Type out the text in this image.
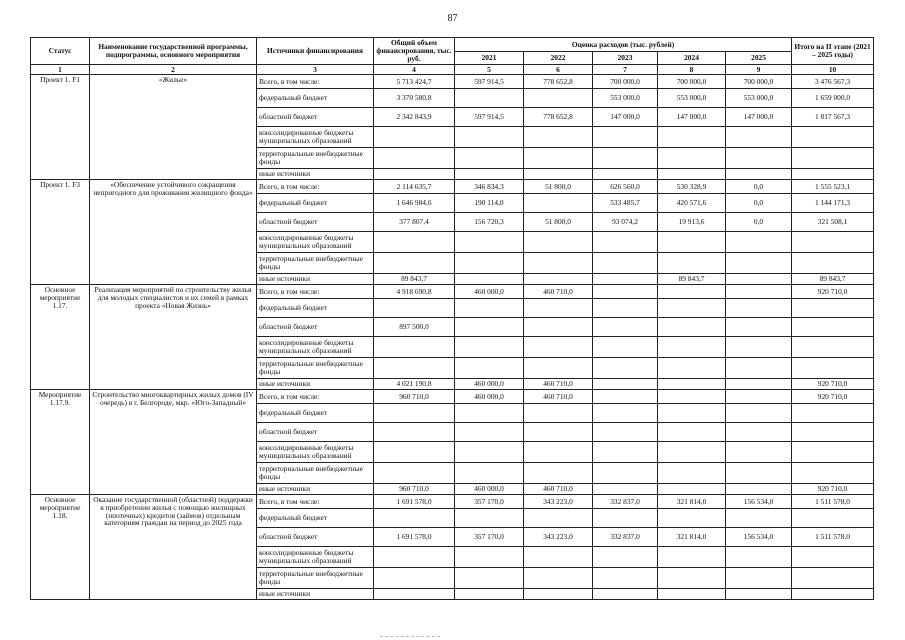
87
Статус	Наименование государственной программы, подпрограммы, основного мероприятия	Источники финансирования	Общий объем финансирования, тыс. руб.	Оценка расходов (тыс. рублей)					Итого на II этапе (2021 – 2025 годы)
				2021	2022	2023	2024	2025	
1	2	3	4	5	6	7	8	9	10
Проект 1. F1	«Жилье»	Всего, в том числе:	5 713 424,7	597 914,5	778 652,8	700 000,0	700 000,0	700 000,0	3 476 567,3
		федеральный бюджет	3 370 580,8			553 000,0	553 000,0	553 000,0	1 659 000,0
		областной бюджет	2 342 843,9	597 914,5	778 652,8	147 000,0	147 000,0	147 000,0	1 817 567,3
		консолидированные бюджеты муниципальных образований							
		территориальные внебюджетные фонды							
		иные источники							
Проект 1. F3	«Обеспечение устойчивого сокращения непригодного для проживания жилищного фонда»	Всего, в том числе:	2 114 635,7	346 834,3	51 800,0	626 560,0	530 328,9	0,0	1 555 523,1
		федеральный бюджет	1 646 984,6	190 114,0		533 485,7	420 571,6	0,0	1 144 171,3
		областной бюджет	377 807,4	156 720,3	51 800,0	93 074,2	19 913,6	0,0	321 508,1
		консолидированные бюджеты муниципальных образований							
		территориальные внебюджетные фонды							
		иные источники	89 843,7				89 843,7		89 843,7
Основное мероприятие 1.17.	Реализация мероприятий по строительству жилья для молодых специалистов и их семей в рамках проекта «Новая Жизнь»	Всего, в том числе:	4 918 690,8	460 000,0	460 710,0				920 710,0
		федеральный бюджет							
		областной бюджет	897 500,0						
		консолидированные бюджеты муниципальных образований							
		территориальные внебюджетные фонды							
		иные источники	4 021 190,8	460 000,0	460 710,0				920 710,0
Мероприятие 1.17.9.	Строительство многоквартирных жилых домов (IV очередь) в г. Белгороде, мкр. «Юго-Западный»	Всего, в том числе:	960 710,0	460 000,0	460 710,0				920 710,0
		федеральный бюджет							
		областной бюджет							
		консолидированные бюджеты муниципальных образований							
		территориальные внебюджетные фонды							
		иные источники	960 710,0	460 000,0	460 710,0				920 710,0
Основное мероприятие 1.18.	Оказание государственной (областной) поддержки в приобретении жилья с помощью жилищных (ипотечных) кредитов (займов) отдельным категориям граждан на период до 2025 года	Всего, в том числе:	1 691 578,0	357 170,0	343 223,0	332 837,0	321 814,0	156 534,0	1 511 578,0
		федеральный бюджет							
		областной бюджет	1 691 578,0	357 170,0	343 223,0	332 837,0	321 814,0	156 534,0	1 511 578,0
		консолидированные бюджеты муниципальных образований							
		территориальные внебюджетные фонды							
		иные источники							
